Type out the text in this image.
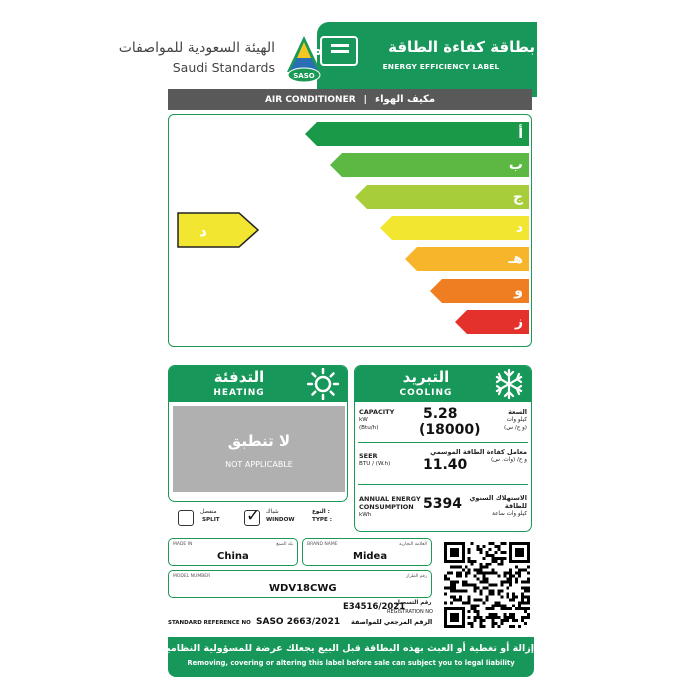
بطاقة كفاءة الطاقة
ENERGY EFFICIENCY LABEL
SASO
الهيئة السعودية للمواصفات
Saudi Standards
AIR CONDITIONER | مكيف الهواء
أ
ب
ج
د
هـ
و
ز
د
التدفئة
HEATING
لا تنطبق
NOT APPLICABLE
منفصل
SPLIT ✓ شباك
WINDOW
النوع :
TYPE :
التبريد
COOLING
CAPACITY
kW
(Btu/h)
5.28
(18000)
السعة
كيلو وات
(و ح/ س)
SEER
BTU / (W.h) 11.40
معامل كفاءة الطاقة الموسمي
و ح/ (وات. س)
ANNUAL ENERGY
CONSUMPTION
kWh
5394 الاستهلاك السنوي
للطاقة
كيلو وات ساعة
MADE IN	بلد الصنع
China
BRAND NAME	العلامة التجارية
Midea
MODEL NUMBER	رقم الطراز
WDV18CWG
E34516/2021
رقم التسجيل
REGISTRATION NO
STANDARD REFERENCE NO SASO 2663/2021 الرقم المرجعي للمواصفة
إزالة أو تغطية أو العبث بهذه البطاقة قبل البيع يجعلك عرضة للمسؤولية النظامية
Removing, covering or altering this label before sale can subject you to legal liability
